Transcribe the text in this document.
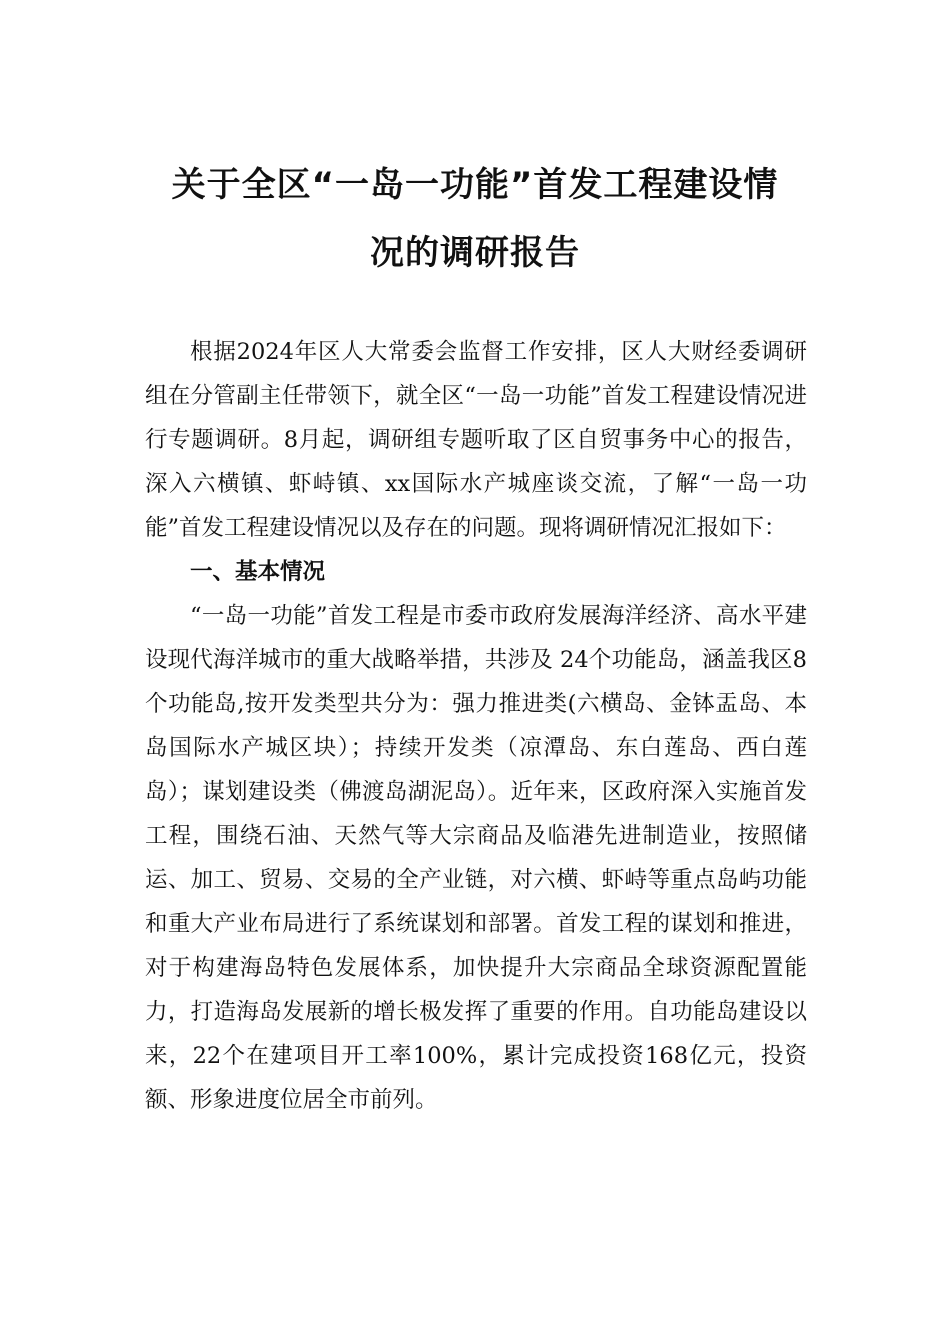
关于全区“一岛一功能”首发工程建设情
况的调研报告

根据2024年区人大常委会监督工作安排，区人大财经委调研组在分管副主任带领下，就全区“一岛一功能”首发工程建设情况进行专题调研。8月起，调研组专题听取了区自贸事务中心的报告，深入六横镇、虾峙镇、xx国际水产城座谈交流，了解“一岛一功能”首发工程建设情况以及存在的问题。现将调研情况汇报如下：

一、基本情况

“一岛一功能”首发工程是市委市政府发展海洋经济、高水平建设现代海洋城市的重大战略举措，共涉及 24个功能岛，涵盖我区8个功能岛,按开发类型共分为：强力推进类(六横岛、金钵盂岛、本岛国际水产城区块）；持续开发类（凉潭岛、东白莲岛、西白莲岛）；谋划建设类（佛渡岛湖泥岛）。近年来，区政府深入实施首发工程，围绕石油、天然气等大宗商品及临港先进制造业，按照储运、加工、贸易、交易的全产业链，对六横、虾峙等重点岛屿功能和重大产业布局进行了系统谋划和部署。首发工程的谋划和推进，对于构建海岛特色发展体系，加快提升大宗商品全球资源配置能力，打造海岛发展新的增长极发挥了重要的作用。自功能岛建设以来，22个在建项目开工率100%，累计完成投资168亿元，投资额、形象进度位居全市前列。
